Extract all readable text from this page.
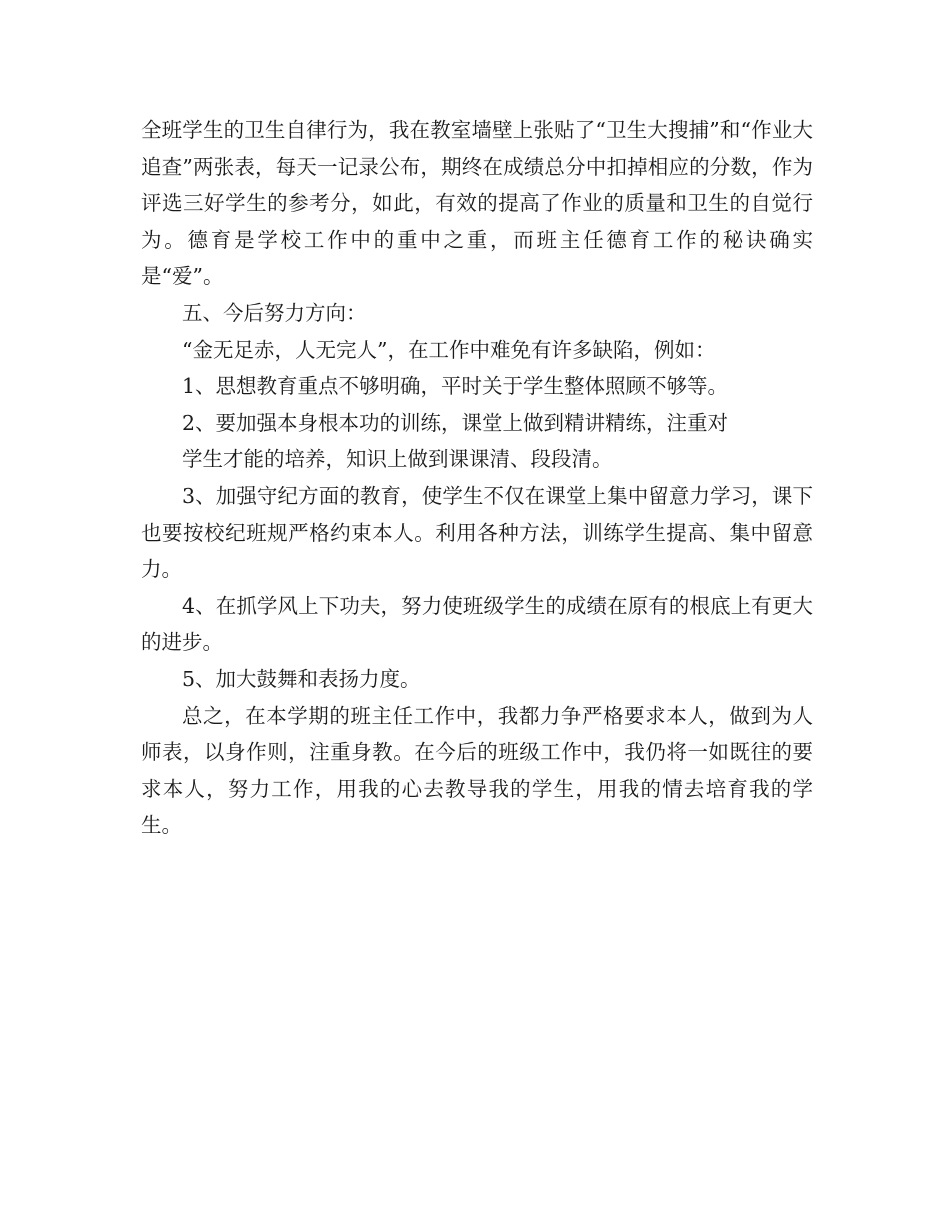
全班学生的卫生自律行为，我在教室墙壁上张贴了“卫生大搜捕”和“作业大追查”两张表，每天一记录公布，期终在成绩总分中扣掉相应的分数，作为评选三好学生的参考分，如此，有效的提高了作业的质量和卫生的自觉行为。德育是学校工作中的重中之重，而班主任德育工作的秘诀确实是“爱”。

五、今后努力方向：

“金无足赤，人无完人”，在工作中难免有许多缺陷，例如：

1、思想教育重点不够明确，平时关于学生整体照顾不够等。

2、要加强本身根本功的训练，课堂上做到精讲精练，注重对

学生才能的培养，知识上做到课课清、段段清。

3、加强守纪方面的教育，使学生不仅在课堂上集中留意力学习，课下也要按校纪班规严格约束本人。利用各种方法，训练学生提高、集中留意力。

4、在抓学风上下功夫，努力使班级学生的成绩在原有的根底上有更大的进步。

5、加大鼓舞和表扬力度。

总之，在本学期的班主任工作中，我都力争严格要求本人，做到为人师表，以身作则，注重身教。在今后的班级工作中，我仍将一如既往的要求本人，努力工作，用我的心去教导我的学生，用我的情去培育我的学生。
